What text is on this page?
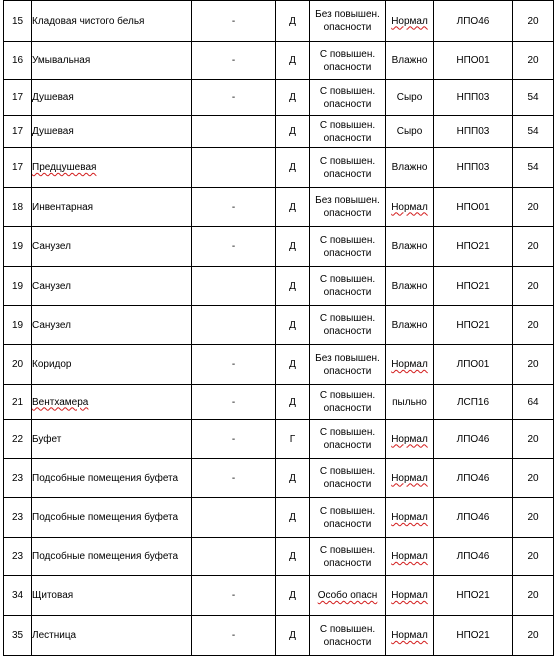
15	Кладовая чистого белья	-	Д	Без повышен. опасности	Нормал	ЛПО46	20
16	Умывальная	-	Д	С повышен. опасности	Влажно	НПО01	20
17	Душевая	-	Д	С повышен. опасности	Сыро	НПП03	54
17	Душевая		Д	С повышен. опасности	Сыро	НПП03	54
17	Предцушевая		Д	С повышен. опасности	Влажно	НПП03	54
18	Инвентарная	-	Д	Без повышен. опасности	Нормал	НПО01	20
19	Санузел	-	Д	С повышен. опасности	Влажно	НПО21	20
19	Санузел		Д	С повышен. опасности	Влажно	НПО21	20
19	Санузел		Д	С повышен. опасности	Влажно	НПО21	20
20	Коридор	-	Д	Без повышен. опасности	Нормал	ЛПО01	20
21	Вентхамера	-	Д	С повышен. опасности	пыльно	ЛСП16	64
22	Буфет	-	Г	С повышен. опасности	Нормал	ЛПО46	20
23	Подсобные помещения буфета	-	Д	С повышен. опасности	Нормал	ЛПО46	20
23	Подсобные помещения буфета		Д	С повышен. опасности	Нормал	ЛПО46	20
23	Подсобные помещения буфета		Д	С повышен. опасности	Нормал	ЛПО46	20
34	Щитовая	-	Д	Особо опасн	Нормал	НПО21	20
35	Лестница	-	Д	С повышен. опасности	Нормал	НПО21	20
